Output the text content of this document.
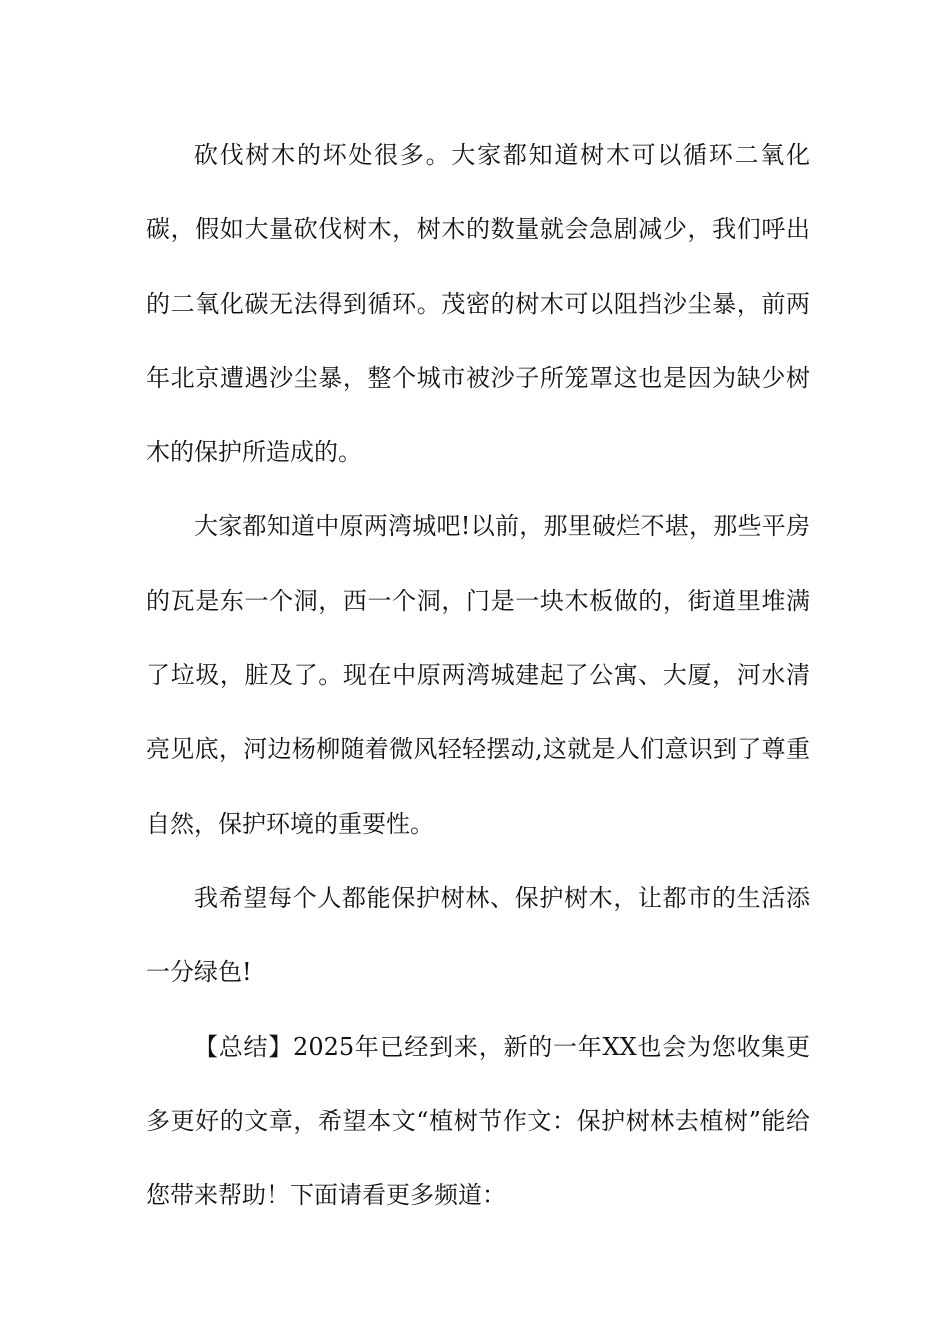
砍伐树木的坏处很多。大家都知道树木可以循环二氧化碳，假如大量砍伐树木，树木的数量就会急剧减少，我们呼出的二氧化碳无法得到循环。茂密的树木可以阻挡沙尘暴，前两年北京遭遇沙尘暴，整个城市被沙子所笼罩这也是因为缺少树木的保护所造成的。

大家都知道中原两湾城吧!以前，那里破烂不堪，那些平房的瓦是东一个洞，西一个洞，门是一块木板做的，街道里堆满了垃圾，脏及了。现在中原两湾城建起了公寓、大厦，河水清亮见底，河边杨柳随着微风轻轻摆动,这就是人们意识到了尊重自然，保护环境的重要性。

我希望每个人都能保护树林、保护树木，让都市的生活添一分绿色!

【总结】2025年已经到来，新的一年XX也会为您收集更多更好的文章，希望本文“植树节作文：保护树林去植树”能给您带来帮助！下面请看更多频道：
